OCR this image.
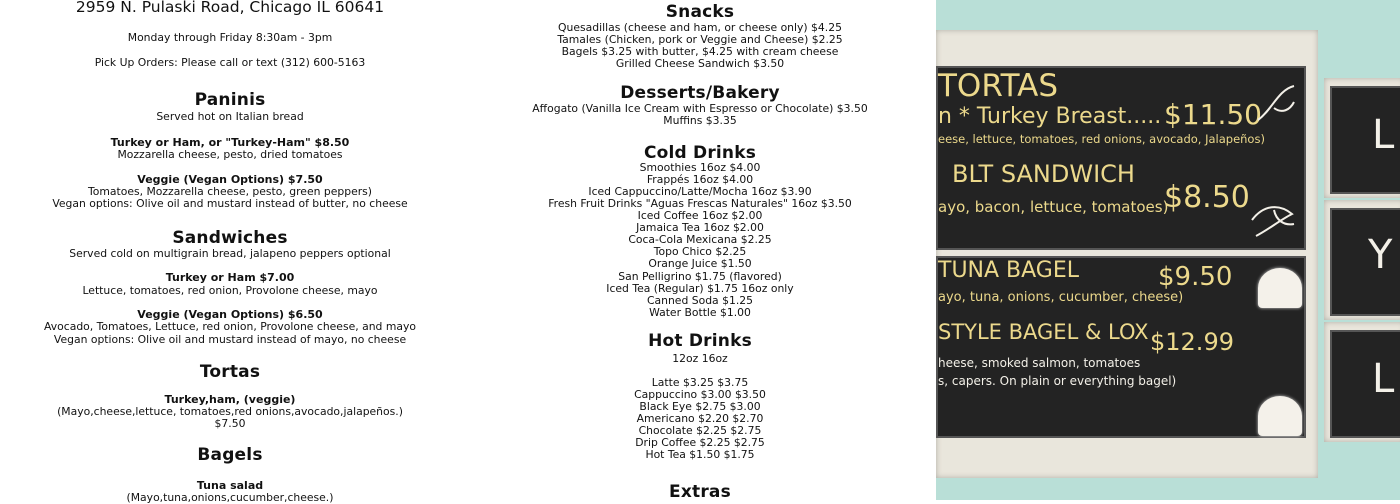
2959 N. Pulaski Road, Chicago IL 60641
Monday through Friday 8:30am - 3pm
Pick Up Orders: Please call or text (312) 600-5163
Paninis
Served hot on Italian bread
Turkey or Ham, or "Turkey-Ham" $8.50
Mozzarella cheese, pesto, dried tomatoes
Veggie (Vegan Options) $7.50
Tomatoes, Mozzarella cheese, pesto, green peppers)
Vegan options: Olive oil and mustard instead of butter, no cheese
Sandwiches
Served cold on multigrain bread, jalapeno peppers optional
Turkey or Ham $7.00
Lettuce, tomatoes, red onion, Provolone cheese, mayo
Veggie (Vegan Options) $6.50
Avocado, Tomatoes, Lettuce, red onion, Provolone cheese, and mayo
Vegan options: Olive oil and mustard instead of mayo, no cheese
Tortas
Turkey,ham, (veggie)
(Mayo,cheese,lettuce, tomatoes,red onions,avocado,jalapeños.)
$7.50
Bagels
Tuna salad
(Mayo,tuna,onions,cucumber,cheese.)
Snacks
Quesadillas (cheese and ham, or cheese only) $4.25
Tamales (Chicken, pork or Veggie and Cheese) $2.25
Bagels $3.25 with butter, $4.25 with cream cheese
Grilled Cheese Sandwich $3.50
Desserts/Bakery
Affogato (Vanilla Ice Cream with Espresso or Chocolate) $3.50
Muffins $3.35
Cold Drinks
Smoothies 16oz $4.00
Frappés 16oz $4.00
Iced Cappuccino/Latte/Mocha 16oz $3.90
Fresh Fruit Drinks "Aguas Frescas Naturales" 16oz $3.50
Iced Coffee 16oz $2.00
Jamaica Tea 16oz $2.00
Coca-Cola Mexicana $2.25
Topo Chico $2.25
Orange Juice $1.50
San Pelligrino $1.75 (flavored)
Iced Tea (Regular) $1.75 16oz only
Canned Soda $1.25
Water Bottle $1.00
Hot Drinks
12oz 16oz
Latte $3.25 $3.75
Cappuccino $3.00 $3.50
Black Eye $2.75 $3.00
Americano $2.20 $2.70
Chocolate $2.25 $2.75
Drip Coffee $2.25 $2.75
Hot Tea $1.50 $1.75
Extras
L
Y
L
TORTAS
n * Turkey Breast..... $11.50
eese, lettuce, tomatoes, red onions, avocado, Jalapeños)
BLT SANDWICH
$8.50
ayo, bacon, lettuce, tomatoes)
TUNA BAGEL	$9.50
ayo, tuna, onions, cucumber, cheese)
STYLE BAGEL & LOX $12.99
heese, smoked salmon, tomatoes
s, capers. On plain or everything bagel)
